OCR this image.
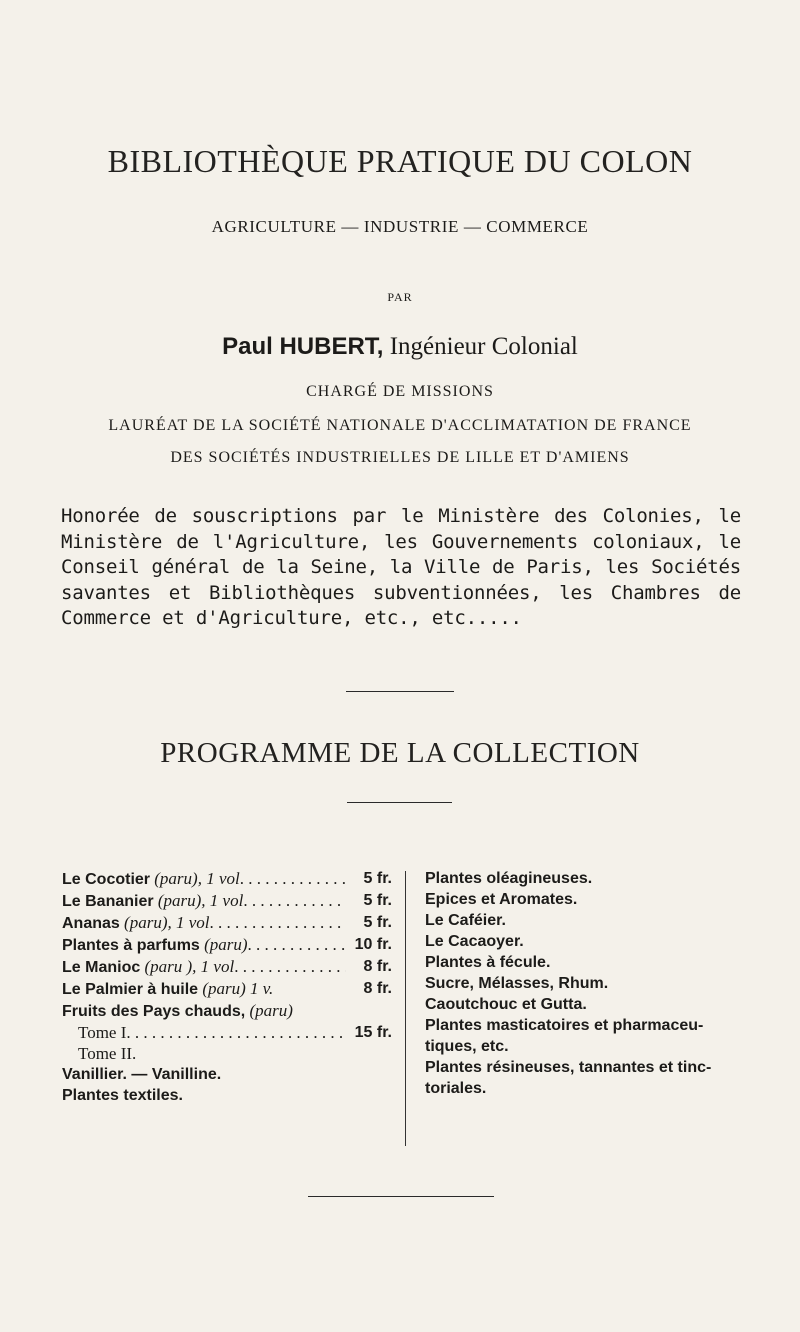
BIBLIOTHÈQUE PRATIQUE DU COLON
AGRICULTURE — INDUSTRIE — COMMERCE
PAR
Paul HUBERT, Ingénieur Colonial
CHARGÉ DE MISSIONS
LAURÉAT DE LA SOCIÉTÉ NATIONALE D'ACCLIMATATION DE FRANCE
DES SOCIÉTÉS INDUSTRIELLES DE LILLE ET D'AMIENS
Honorée de souscriptions par le Ministère des Colonies, le Ministère de l'Agriculture, les Gouvernements coloniaux, le Conseil général de la Seine, la Ville de Paris, les Sociétés savantes et Bibliothèques subventionnées, les Chambres de Commerce et d'Agriculture, etc., etc.....
PROGRAMME DE LA COLLECTION
Le Cocotier (paru), 1 vol . . .	5 fr.
Le Bananier (paru), 1 vol . . .	5 fr.
Ananas (paru), 1 vol . . .	5 fr.
Plantes à parfums (paru) . . .	10 fr.
Le Manioc (paru ), 1 vol . . .	8 fr.
Le Palmier à huile (paru) 1 v.	8 fr.
Fruits des Pays chauds, (paru)
Tome I . . .	15 fr.
Tome II.
Vanillier. — Vanilline.
Plantes textiles.
Plantes oléagineuses.
Epices et Aromates.
Le Caféier.
Le Cacaoyer.
Plantes à fécule.
Sucre, Mélasses, Rhum.
Caoutchouc et Gutta.
Plantes masticatoires et pharmaceu-
tiques, etc.
Plantes résineuses, tannantes et tinc-
toriales.
